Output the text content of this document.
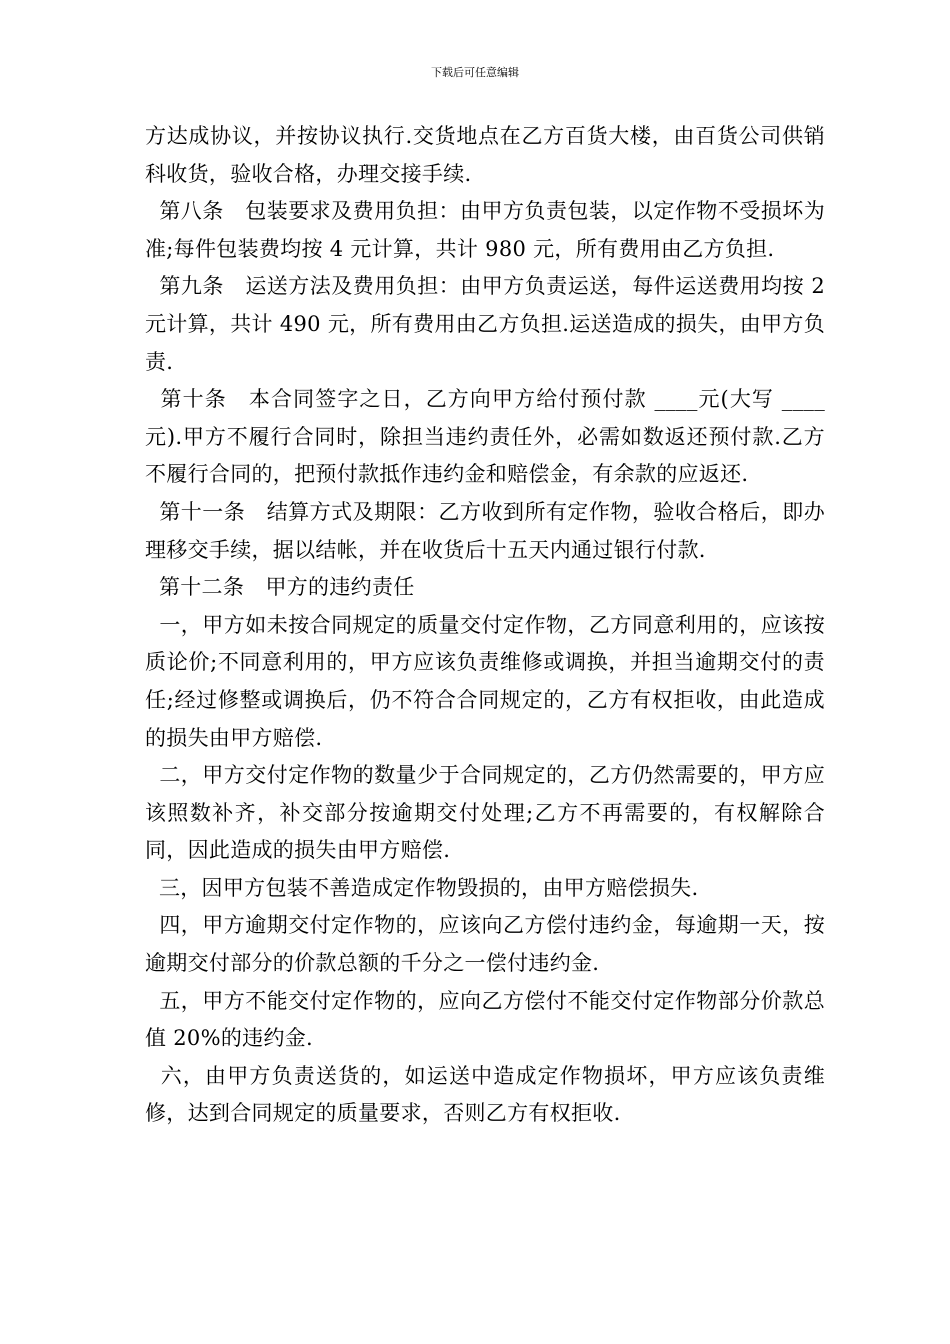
下载后可任意编辑

方达成协议，并按协议执行.交货地点在乙方百货大楼，由百货公司供销科收货，验收合格，办理交接手续.

第八条　包装要求及费用负担：由甲方负责包装，以定作物不受损坏为准;每件包装费均按 4 元计算，共计 980 元，所有费用由乙方负担.

第九条　运送方法及费用负担：由甲方负责运送，每件运送费用均按 2 元计算，共计 490 元，所有费用由乙方负担.运送造成的损失，由甲方负责.

第十条　本合同签字之日，乙方向甲方给付预付款 ____元(大写 ____元).甲方不履行合同时，除担当违约责任外，必需如数返还预付款.乙方不履行合同的，把预付款抵作违约金和赔偿金，有余款的应返还.

第十一条　结算方式及期限：乙方收到所有定作物，验收合格后，即办理移交手续，据以结帐，并在收货后十五天内通过银行付款.

第十二条　甲方的违约责任

一，甲方如未按合同规定的质量交付定作物，乙方同意利用的，应该按质论价;不同意利用的，甲方应该负责维修或调换，并担当逾期交付的责任;经过修整或调换后，仍不符合合同规定的，乙方有权拒收，由此造成的损失由甲方赔偿.

二，甲方交付定作物的数量少于合同规定的，乙方仍然需要的，甲方应该照数补齐，补交部分按逾期交付处理;乙方不再需要的，有权解除合同，因此造成的损失由甲方赔偿.

三，因甲方包装不善造成定作物毁损的，由甲方赔偿损失.

四，甲方逾期交付定作物的，应该向乙方偿付违约金，每逾期一天，按逾期交付部分的价款总额的千分之一偿付违约金.

五，甲方不能交付定作物的，应向乙方偿付不能交付定作物部分价款总值 20%的违约金.

六，由甲方负责送货的，如运送中造成定作物损坏，甲方应该负责维修，达到合同规定的质量要求，否则乙方有权拒收.
